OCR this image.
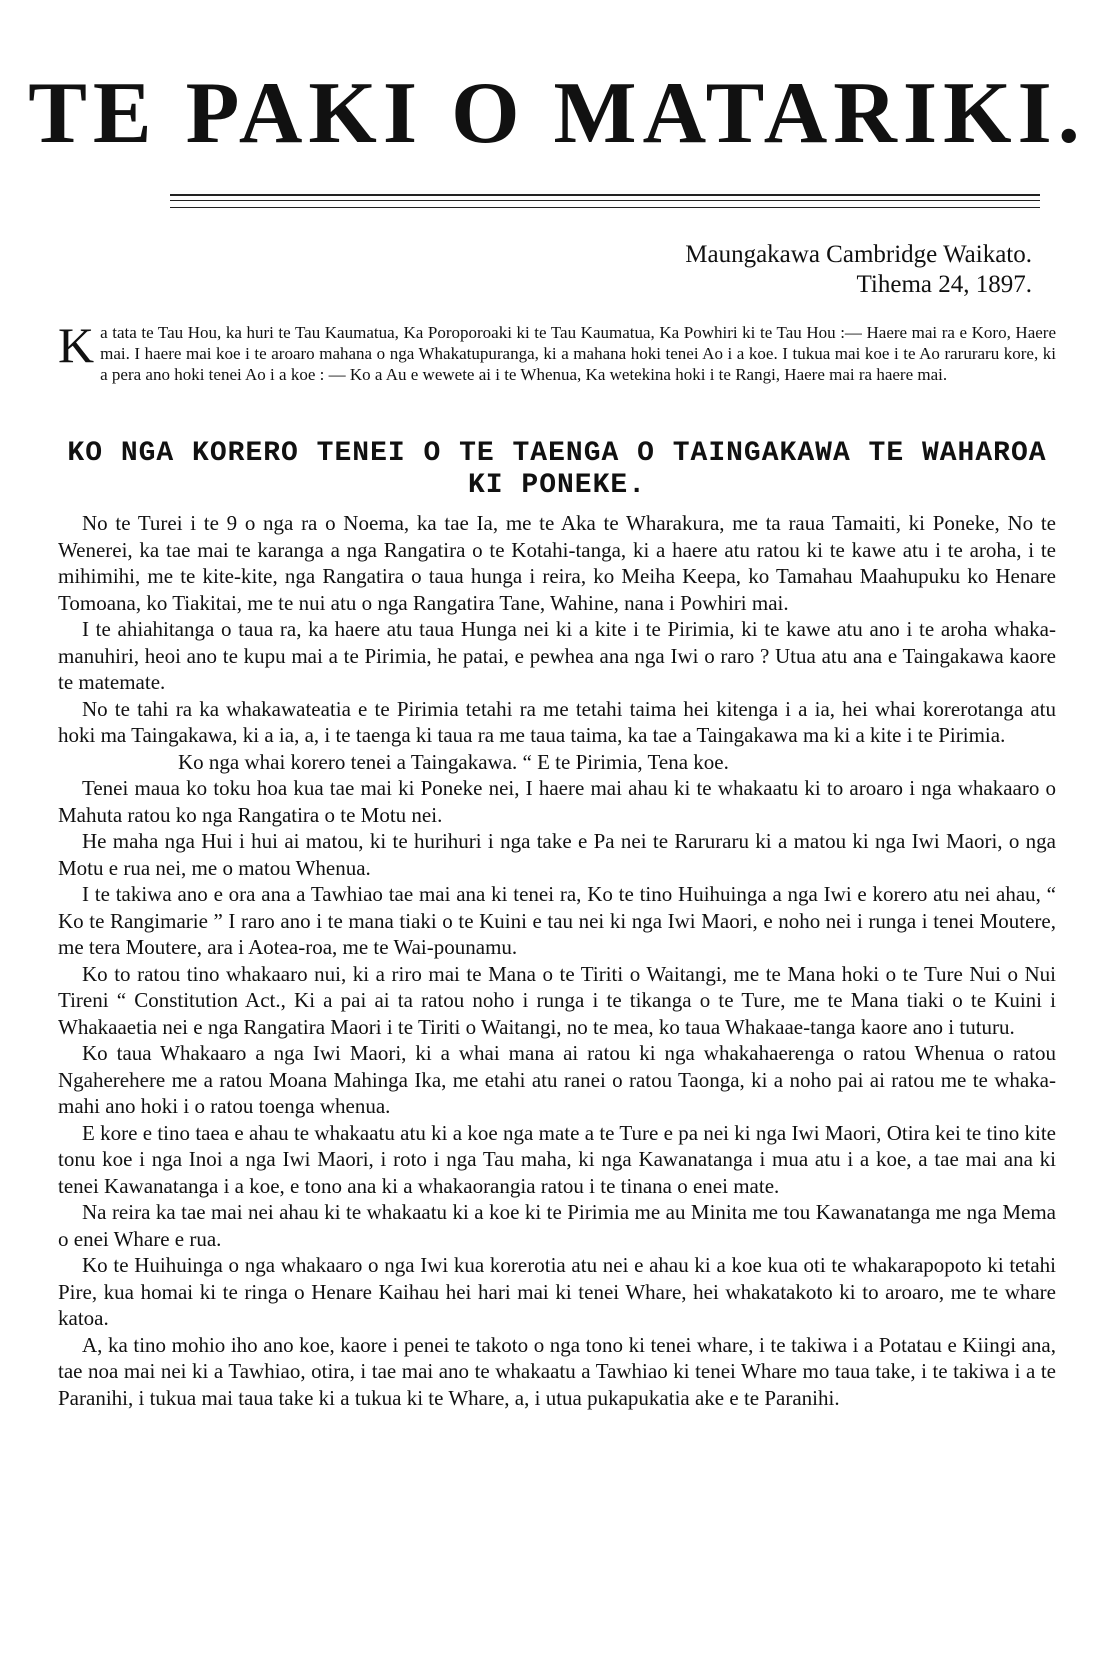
TE PAKI O MATARIKI.
Maungakawa Cambridge Waikato.
Tihema 24, 1897.
Ka tata te Tau Hou, ka huri te Tau Kaumatua, Ka Poroporoaki ki te Tau Kaumatua, Ka Powhiri ki te Tau Hou :— Haere mai ra e Koro, Haere mai. I haere mai koe i te aroaro mahana o nga Whakatupuranga, ki a mahana hoki tenei Ao i a koe. I tukua mai koe i te Ao raruraru kore, ki a pera ano hoki tenei Ao i a koe : — Ko a Au e wewete ai i te Whenua, Ka wetekina hoki i te Rangi, Haere mai ra haere mai.
KO NGA KORERO TENEI O TE TAENGA O TAINGAKAWA TE WAHAROA KI PONEKE.

No te Turei i te 9 o nga ra o Noema, ka tae Ia, me te Aka te Wharakura, me ta raua Tamaiti, ki Poneke, No te Wenerei, ka tae mai te karanga a nga Rangatira o te Kotahi-tanga, ki a haere atu ratou ki te kawe atu i te aroha, i te mihimihi, me te kite-kite, nga Rangatira o taua hunga i reira, ko Meiha Keepa, ko Tamahau Maahupuku ko Henare Tomoana, ko Tiakitai, me te nui atu o nga Rangatira Tane, Wahine, nana i Powhiri mai.

I te ahiahitanga o taua ra, ka haere atu taua Hunga nei ki a kite i te Pirimia, ki te kawe atu ano i te aroha whaka-manuhiri, heoi ano te kupu mai a te Pirimia, he patai, e pewhea ana nga Iwi o raro ? Utua atu ana e Taingakawa kaore te matemate.

No te tahi ra ka whakawateatia e te Pirimia tetahi ra me tetahi taima hei kitenga i a ia, hei whai korerotanga atu hoki ma Taingakawa, ki a ia, a, i te taenga ki taua ra me taua taima, ka tae a Taingakawa ma ki a kite i te Pirimia.

Ko nga whai korero tenei a Taingakawa. “ E te Pirimia, Tena koe.

Tenei maua ko toku hoa kua tae mai ki Poneke nei, I haere mai ahau ki te whakaatu ki to aroaro i nga whakaaro o Mahuta ratou ko nga Rangatira o te Motu nei.

He maha nga Hui i hui ai matou, ki te hurihuri i nga take e Pa nei te Raruraru ki a matou ki nga Iwi Maori, o nga Motu e rua nei, me o matou Whenua.

I te takiwa ano e ora ana a Tawhiao tae mai ana ki tenei ra, Ko te tino Huihuinga a nga Iwi e korero atu nei ahau, “ Ko te Rangimarie ” I raro ano i te mana tiaki o te Kuini e tau nei ki nga Iwi Maori, e noho nei i runga i tenei Moutere, me tera Moutere, ara i Aotea-roa, me te Wai-pounamu.

Ko to ratou tino whakaaro nui, ki a riro mai te Mana o te Tiriti o Waitangi, me te Mana hoki o te Ture Nui o Nui Tireni “ Constitution Act., Ki a pai ai ta ratou noho i runga i te tikanga o te Ture, me te Mana tiaki o te Kuini i Whakaaetia nei e nga Rangatira Maori i te Tiriti o Waitangi, no te mea, ko taua Whakaae-tanga kaore ano i tuturu.

Ko taua Whakaaro a nga Iwi Maori, ki a whai mana ai ratou ki nga whakahaerenga o ratou Whenua o ratou Ngaherehere me a ratou Moana Mahinga Ika, me etahi atu ranei o ratou Taonga, ki a noho pai ai ratou me te whaka-mahi ano hoki i o ratou toenga whenua.

E kore e tino taea e ahau te whakaatu atu ki a koe nga mate a te Ture e pa nei ki nga Iwi Maori, Otira kei te tino kite tonu koe i nga Inoi a nga Iwi Maori, i roto i nga Tau maha, ki nga Kawanatanga i mua atu i a koe, a tae mai ana ki tenei Kawanatanga i a koe, e tono ana ki a whakaorangia ratou i te tinana o enei mate.

Na reira ka tae mai nei ahau ki te whakaatu ki a koe ki te Pirimia me au Minita me tou Kawanatanga me nga Mema o enei Whare e rua.

Ko te Huihuinga o nga whakaaro o nga Iwi kua korerotia atu nei e ahau ki a koe kua oti te whakarapopoto ki tetahi Pire, kua homai ki te ringa o Henare Kaihau hei hari mai ki tenei Whare, hei whakatakoto ki to aroaro, me te whare katoa.

A, ka tino mohio iho ano koe, kaore i penei te takoto o nga tono ki tenei whare, i te takiwa i a Potatau e Kiingi ana, tae noa mai nei ki a Tawhiao, otira, i tae mai ano te whakaatu a Tawhiao ki tenei Whare mo taua take, i te takiwa i a te Paranihi, i tukua mai taua take ki a tukua ki te Whare, a, i utua pukapukatia ake e te Paranihi.
